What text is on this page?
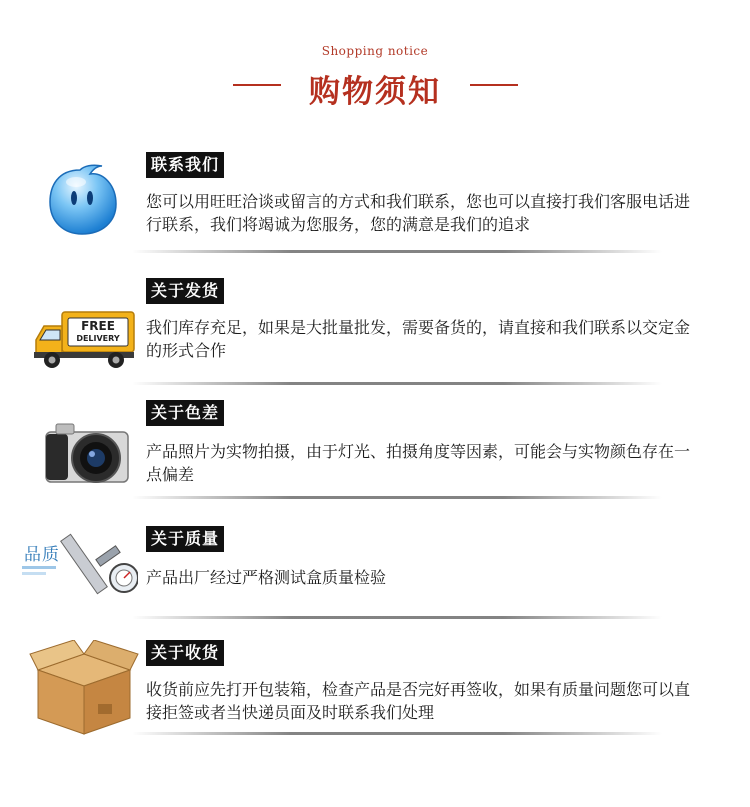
Shopping notice
购物须知
联系我们
您可以用旺旺洽谈或留言的方式和我们联系，您也可以直接打我们客服电话进行联系，我们将竭诚为您服务，您的满意是我们的追求
FREE
DELIVERY
关于发货
我们库存充足，如果是大批量批发，需要备货的，请直接和我们联系以交定金的形式合作
关于色差
产品照片为实物拍摄，由于灯光、拍摄角度等因素，可能会与实物颜色存在一点偏差
品质
关于质量
产品出厂经过严格测试盒质量检验
关于收货
收货前应先打开包装箱，检查产品是否完好再签收，如果有质量问题您可以直接拒签或者当快递员面及时联系我们处理
